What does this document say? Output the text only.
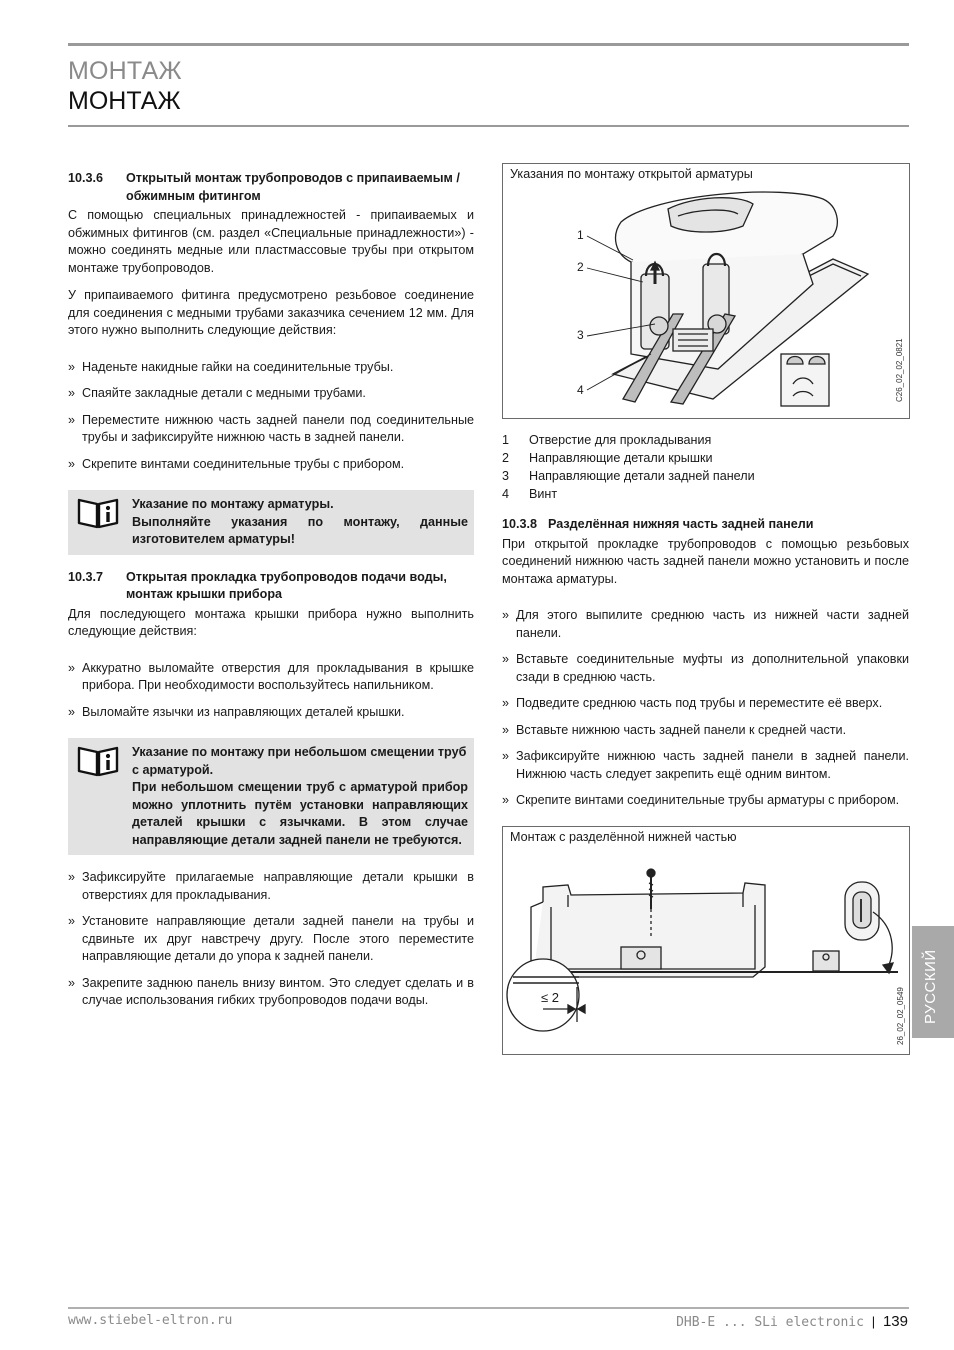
МОНТАЖ
МОНТАЖ
10.3.6	Открытый монтаж трубопроводов с припаиваемым / обжимным фитингом

С помощью специальных принадлежностей - припаиваемых и обжимных фитингов (см. раздел «Специальные принадлежности») - можно соединять медные или пластмассовые трубы при открытом монтаже трубопроводов.

У припаиваемого фитинга предусмотрено резьбовое соединение для соединения с медными трубами заказчика сечением 12 мм. Для этого нужно выполнить следующие действия:

» Наденьте накидные гайки на соединительные трубы.
» Спаяйте закладные детали с медными трубами.
» Переместите нижнюю часть задней панели под соединительные трубы и зафиксируйте нижнюю часть в задней панели.
» Скрепите винтами соединительные трубы с прибором.
Указание по монтажу арматуры.
Выполняйте указания по монтажу, данные изготовителем арматуры!
10.3.7	Открытая прокладка трубопроводов подачи воды, монтаж крышки прибора

Для последующего монтажа крышки прибора нужно выполнить следующие действия:

» Аккуратно выломайте отверстия для прокладывания в крышке прибора. При необходимости воспользуйтесь напильником.
» Выломайте язычки из направляющих деталей крышки.
Указание по монтажу при небольшом смещении труб с арматурой.
При небольшом смещении труб с арматурой прибор можно уплотнить путём установки направляющих деталей крышки с язычками. В этом случае направляющие детали задней панели не требуются.
» Зафиксируйте прилагаемые направляющие детали крышки в отверстиях для прокладывания.
» Установите направляющие детали задней панели на трубы и сдвиньте их друг навстречу другу. После этого переместите направляющие детали до упора к задней панели.
» Закрепите заднюю панель внизу винтом. Это следует сделать и в случае использования гибких трубопроводов подачи воды.
Указания по монтажу открытой арматуры
1
2
3
4	C26_02_02_0821
1	Отверстие для прокладывания
2	Направляющие детали крышки
3	Направляющие детали задней панели
4	Винт
10.3.8 Разделённая нижняя часть задней панели

При открытой прокладке трубопроводов с помощью резьбовых соединений нижнюю часть задней панели можно установить и после монтажа арматуры.

» Для этого выпилите среднюю часть из нижней части задней панели.
» Вставьте соединительные муфты из дополнительной упаковки сзади в среднюю часть.
» Подведите среднюю часть под трубы и переместите её вверх.
» Вставьте нижнюю часть задней панели к средней части.
» Зафиксируйте нижнюю часть задней панели в задней панели. Нижнюю часть следует закрепить ещё одним винтом.
» Скрепите винтами соединительные трубы арматуры с прибором.
Монтаж с разделённой нижней частью
≤ 2	26_02_02_0549 РУССКИЙ
www.stiebel-eltron.ru	DHB-E ... SLi electronic | 139
